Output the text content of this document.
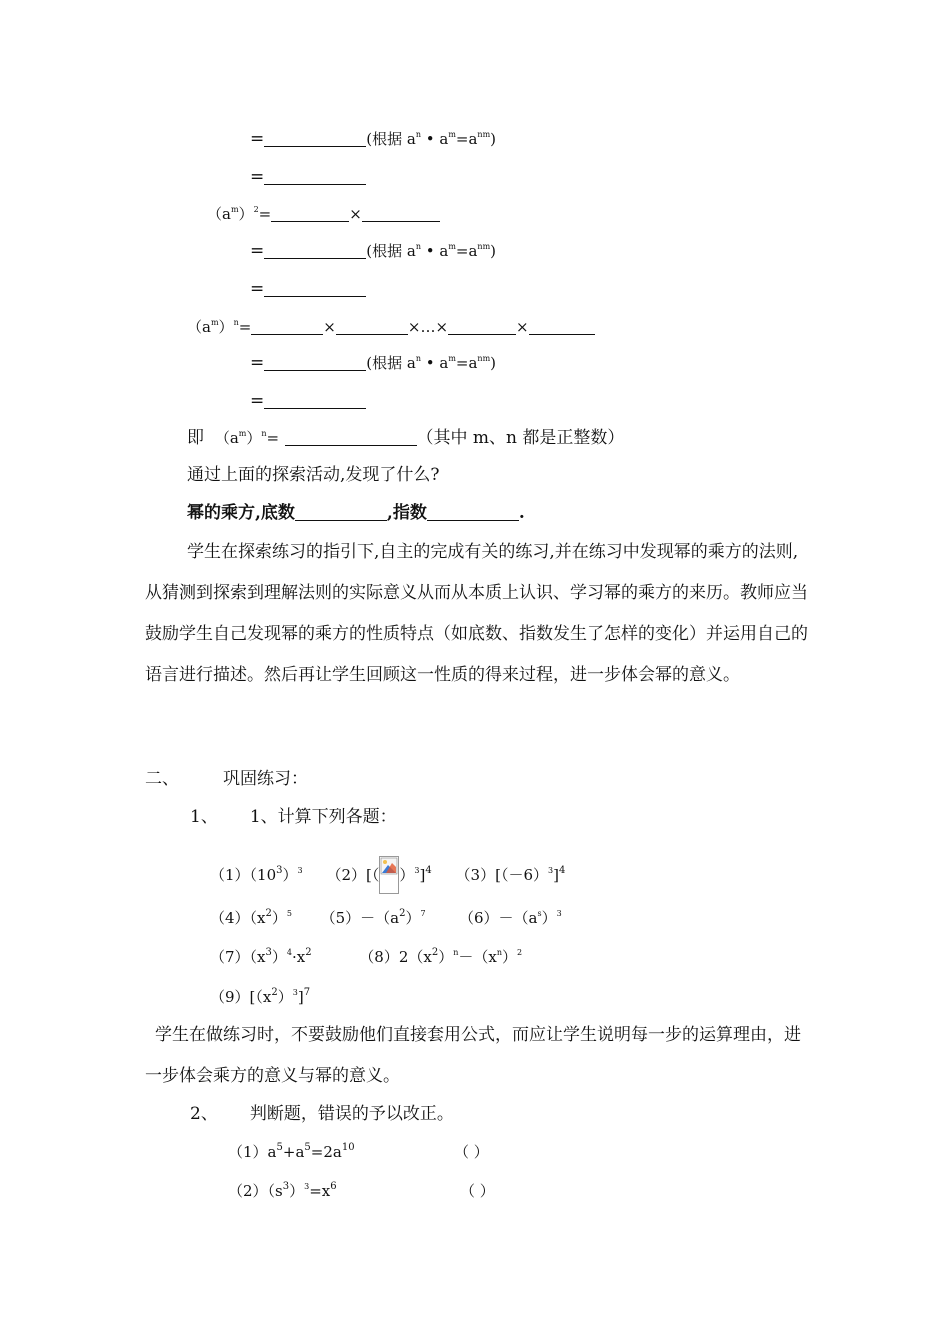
=	(根据 $a^n$ • $a^m=a^{nm}$)
=
$(a^m)^2=$	×
=	(根据 $a^n$ • $a^m=a^{nm}$)
=
$(a^m)^n=$	×	×…×	×
=	(根据 $a^n$ • $a^m=a^{nm}$)
=
即  $(a^m)^n=$	（其中 m、n 都是正整数）
通过上面的探索活动,发现了什么?
幂的乘方,底数	,指数	.
学生在探索练习的指引下,自主的完成有关的练习,并在练习中发现幂的乘方的法则,从猜测到探索到理解法则的实际意义从而从本质上认识、学习幂的乘方的来历。教师应当鼓励学生自己发现幂的乘方的性质特点（如底数、指数发生了怎样的变化）并运用自己的语言进行描述。然后再让学生回顾这一性质的得来过程，进一步体会幂的意义。
二、	巩固练习：
1、 1、计算下列各题：
$(1)(10^3)^3$     （2）[（ ）$^3$]$^4$     $(3)[(-6)^3]^4$
$(4)(x^2)^5$      $(5)-(a^2)^7$       $(6)-(a^s)^3$
$(7)(x^3)^4\cdot x^2$          $(8)2(x^2)^n-(x^n)^2$
$(9)[(x^2)^3]^7$
学生在做练习时，不要鼓励他们直接套用公式，而应让学生说明每一步的运算理由，进一步体会乘方的意义与幂的意义。
2、 判断题，错误的予以改正。
$(1)a^5+a^5=2a^{10}$	（ ）
$(2)(s^3)^3=x^6$	（ ）
